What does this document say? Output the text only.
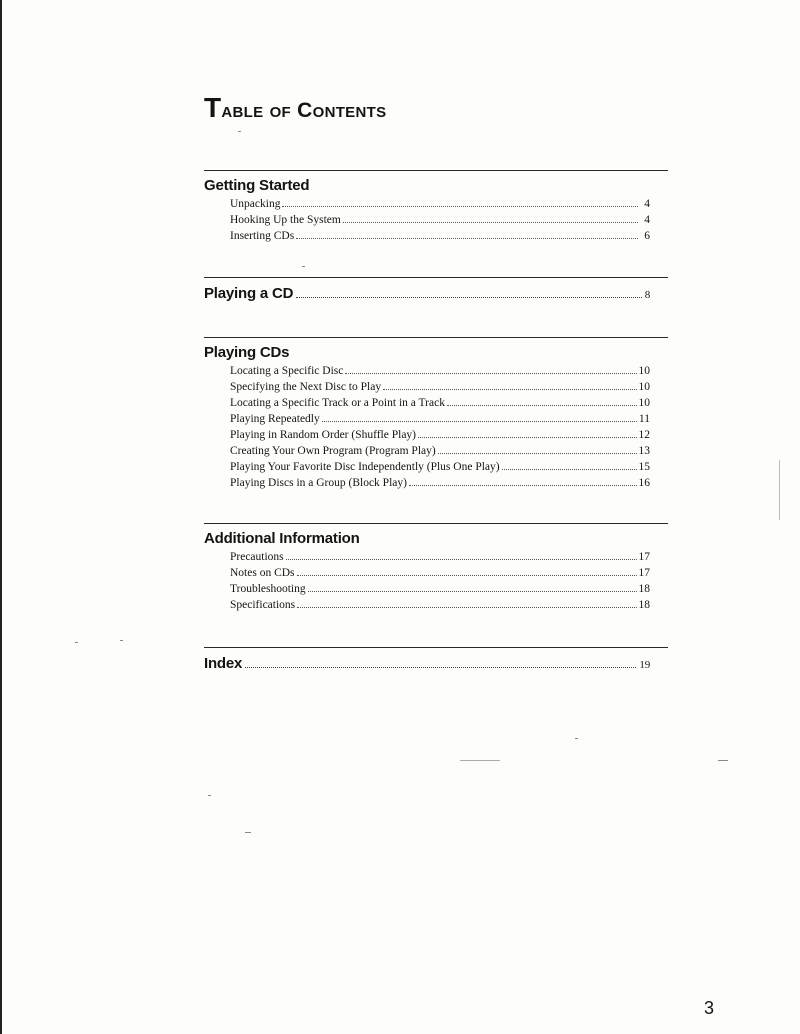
Table of Contents
Getting Started
Unpacking	4
Hooking Up the System	4
Inserting CDs	6
Playing a CD	8
Playing CDs
Locating a Specific Disc	10
Specifying the Next Disc to Play	10
Locating a Specific Track or a Point in a Track	10
Playing Repeatedly	11
Playing in Random Order (Shuffle Play)	12
Creating Your Own Program (Program Play)	13
Playing Your Favorite Disc Independently (Plus One Play)	15
Playing Discs in a Group (Block Play)	16
Additional Information
Precautions	17
Notes on CDs	17
Troubleshooting	18
Specifications	18
Index	19
3
